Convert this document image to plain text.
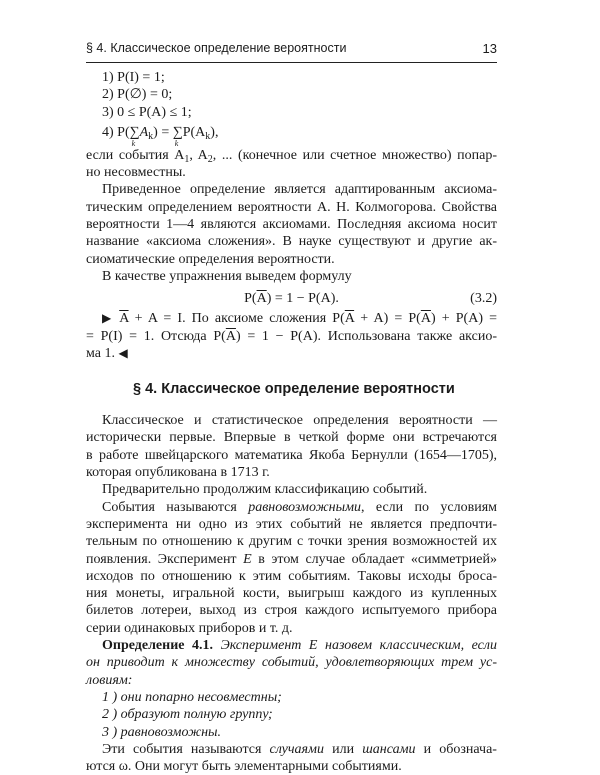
§ 4. Классическое определение вероятности	13
1) P(I) = 1;
2) P(∅) = 0;
3) 0 ≤ P(A) ≤ 1;
4) P(∑
k
$A_k$) = ∑
k
$P(A_k)$,
если события $A_1$, $A_2$, ... (конечное или счетное множество) попар-
но несовместны.
Приведенное определение является адаптированным аксиома-
тическим определением вероятности А. Н. Колмогорова. Свойства
вероятности 1—4 являются аксиомами. Последняя аксиома носит
название «аксиома сложения». В науке существуют и другие ак-
сиоматические определения вероятности.
В качестве упражнения выведем формулу
$P(\overline{A}) = 1 - P(A)$.	(3.2)
▶ $\overline{A} + A = I$. По аксиоме сложения $P(\overline{A} + A) = P(\overline{A}) + P(A)$ =
= P(I) = 1. Отсюда $P(\overline{A}) = 1 - P(A)$. Использована также аксио-
ма 1. ◀
§ 4. Классическое определение вероятности
Классическое и статистическое определения вероятности —
исторически первые. Впервые в четкой форме они встречаются
в работе швейцарского математика Якоба Бернулли (1654—1705),
которая опубликована в 1713 г.
Предварительно продолжим классификацию событий.
События называются равновозможными, если по условиям
эксперимента ни одно из этих событий не является предпочти-
тельным по отношению к другим с точки зрения возможностей их
появления. Эксперимент E в этом случае обладает «симметрией»
исходов по отношению к этим событиям. Таковы исходы броса-
ния монеты, игральной кости, выигрыш каждого из купленных
билетов лотереи, выход из строя каждого испытуемого прибора
серии одинаковых приборов и т. д.
Определение 4.1. Эксперимент E назовем классическим, если
он приводит к множеству событий, удовлетворяющих трем ус-
ловиям:
1 ) они попарно несовместны;
2 ) образуют полную группу;
3 ) равновозможны.
Эти события называются случаями или шансами и обознача-
ются ω. Они могут быть элементарными событиями.
